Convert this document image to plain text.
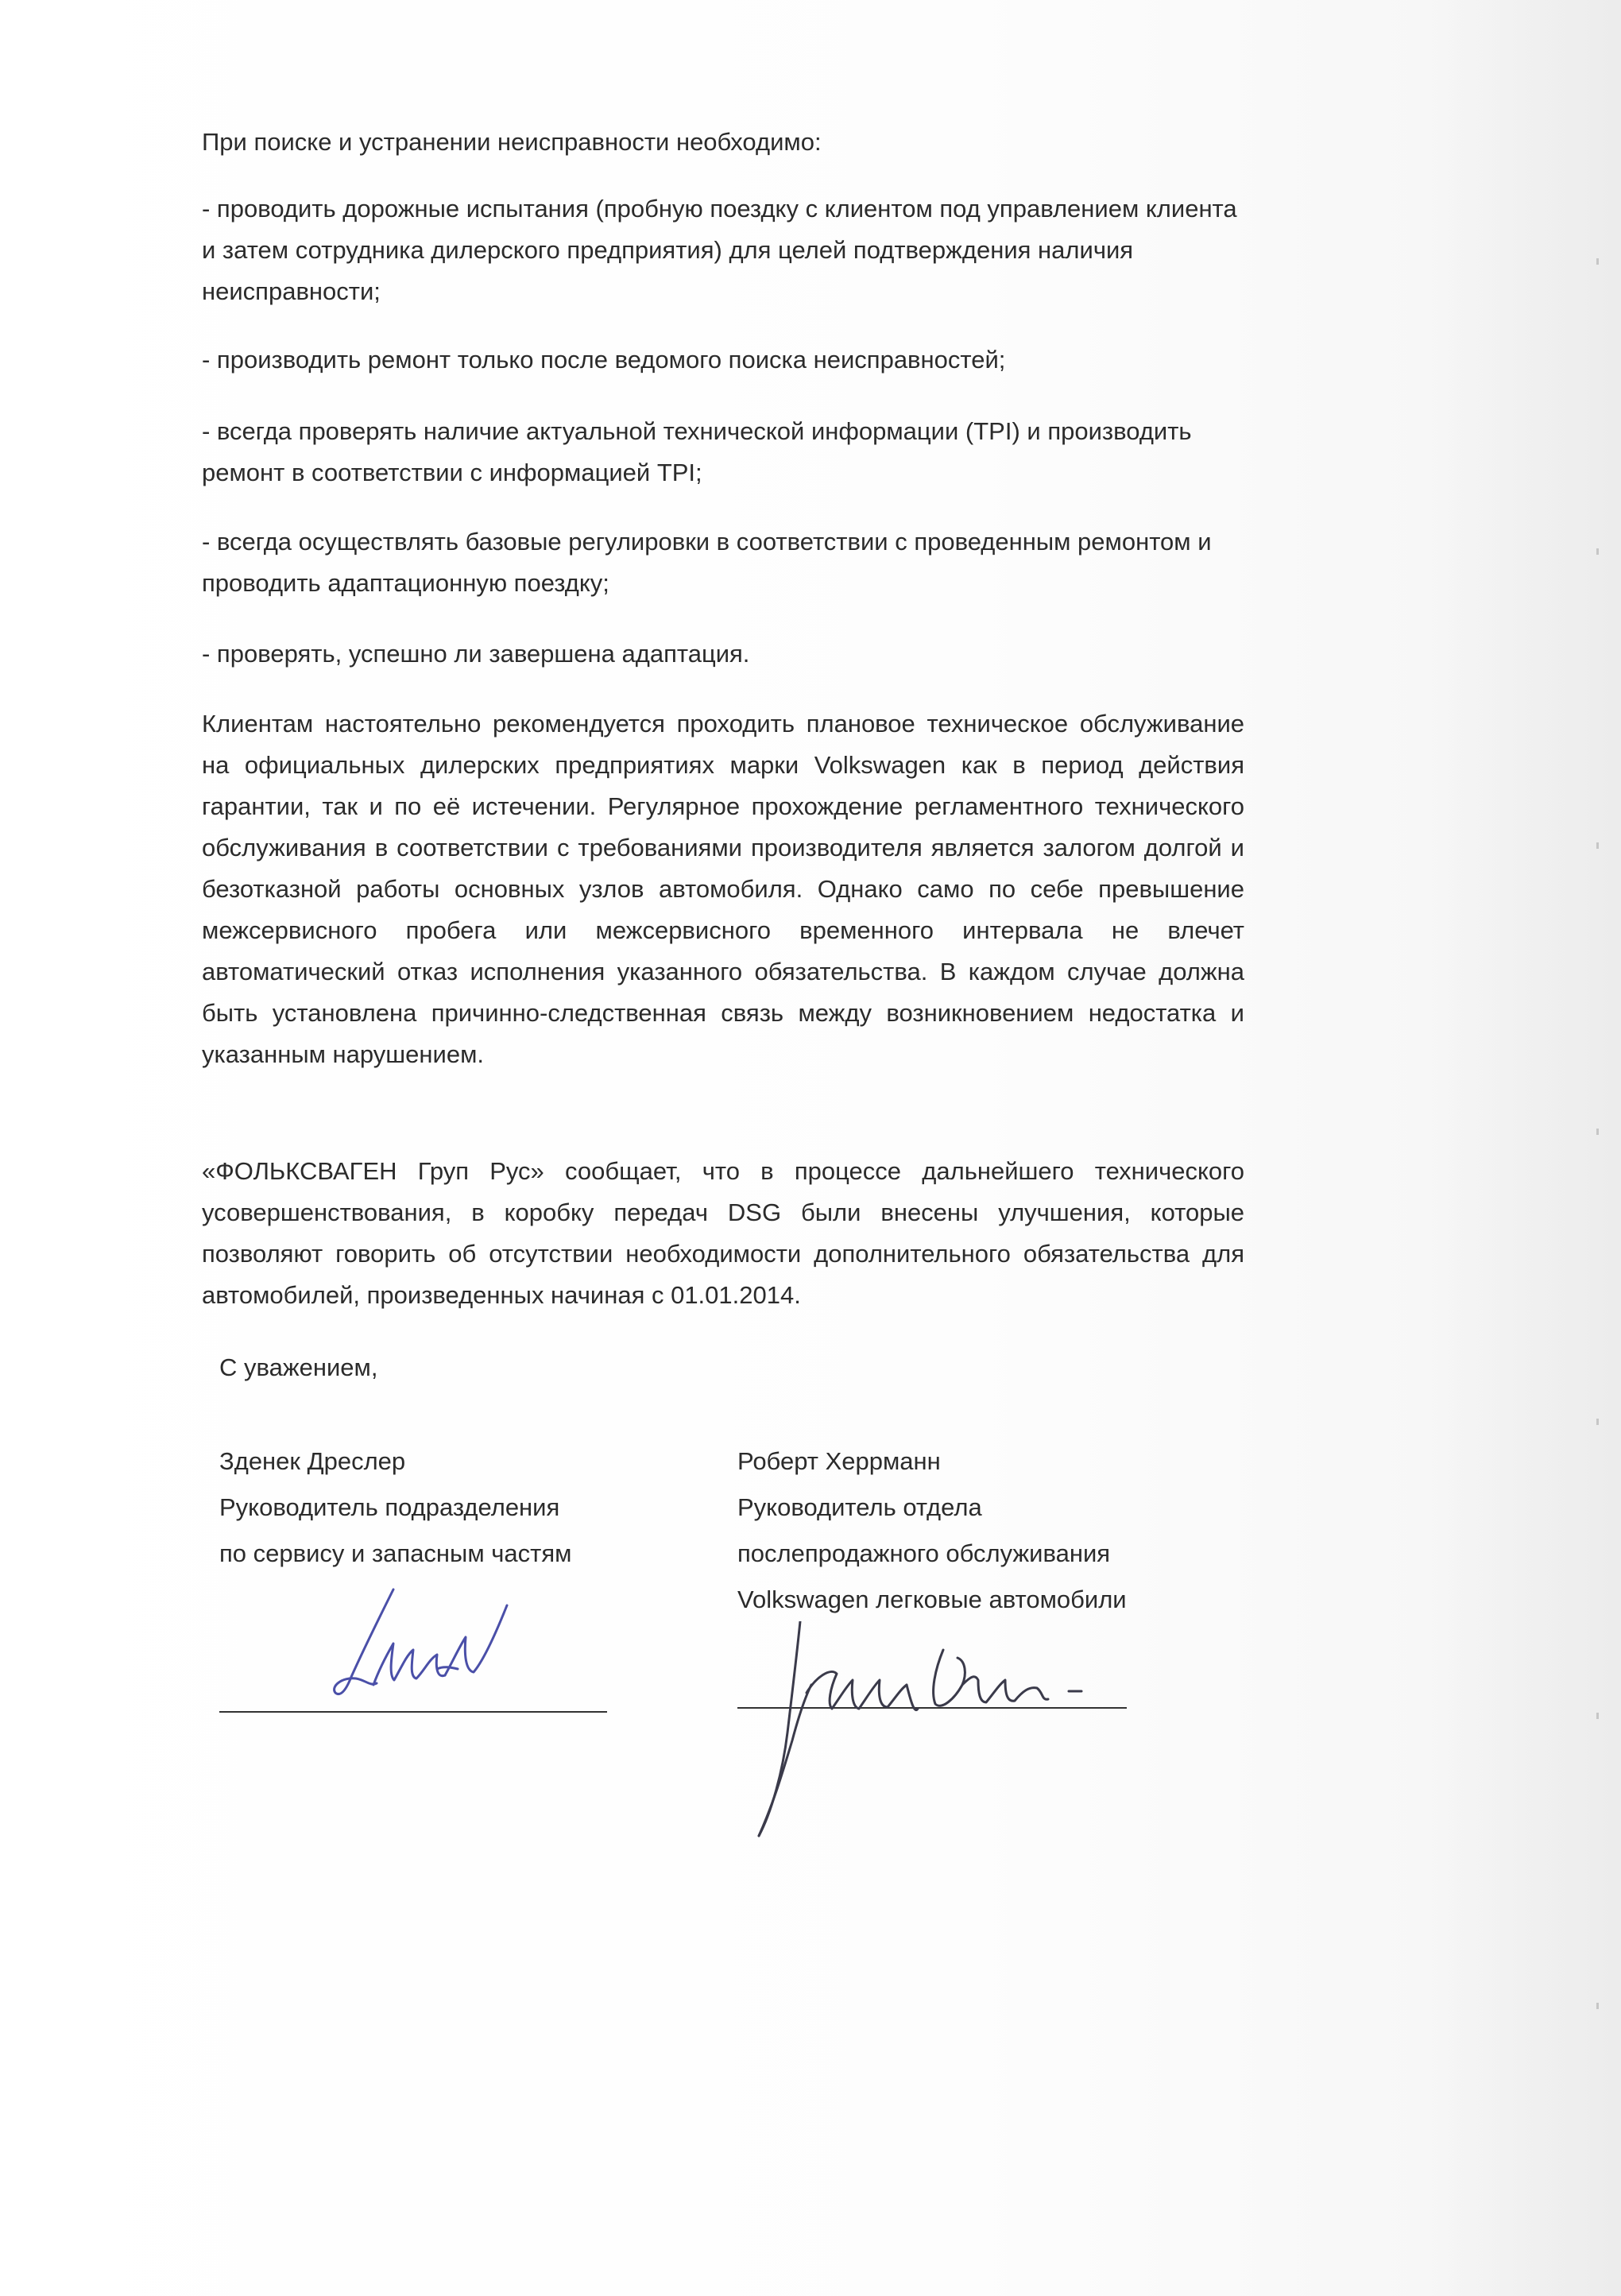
При поиске и устранении неисправности необходимо:

- проводить дорожные испытания (пробную поездку с клиентом под управлением клиента и затем сотрудника дилерского предприятия) для целей подтверждения наличия неисправности;

- производить ремонт только после ведомого поиска неисправностей;

- всегда проверять наличие актуальной технической информации (TPI) и производить ремонт в соответствии с информацией TPI;

- всегда осуществлять базовые регулировки в соответствии с проведенным ремонтом и проводить адаптационную поездку;

- проверять, успешно ли завершена адаптация.

Клиентам настоятельно рекомендуется проходить плановое техническое обслуживание на официальных дилерских предприятиях марки Volkswagen как в период действия гарантии, так и по её истечении. Регулярное прохождение регламентного технического обслуживания в соответствии с требованиями производителя является залогом долгой и безотказной работы основных узлов автомобиля. Однако само по себе превышение межсервисного пробега или межсервисного временного интервала не влечет автоматический отказ исполнения указанного обязательства. В каждом случае должна быть установлена причинно-следственная связь между возникновением недостатка и указанным нарушением.

«ФОЛЬКСВАГЕН Груп Рус» сообщает, что в процессе дальнейшего технического усовершенствования, в коробку передач DSG были внесены улучшения, которые позволяют говорить об отсутствии необходимости дополнительного обязательства для автомобилей, произведенных начиная с 01.01.2014.

С уважением,
Зденек Дреслер
Руководитель подразделения
по сервису и запасным частям
Роберт Херрманн
Руководитель отдела
послепродажного обслуживания
Volkswagen легковые автомобили
